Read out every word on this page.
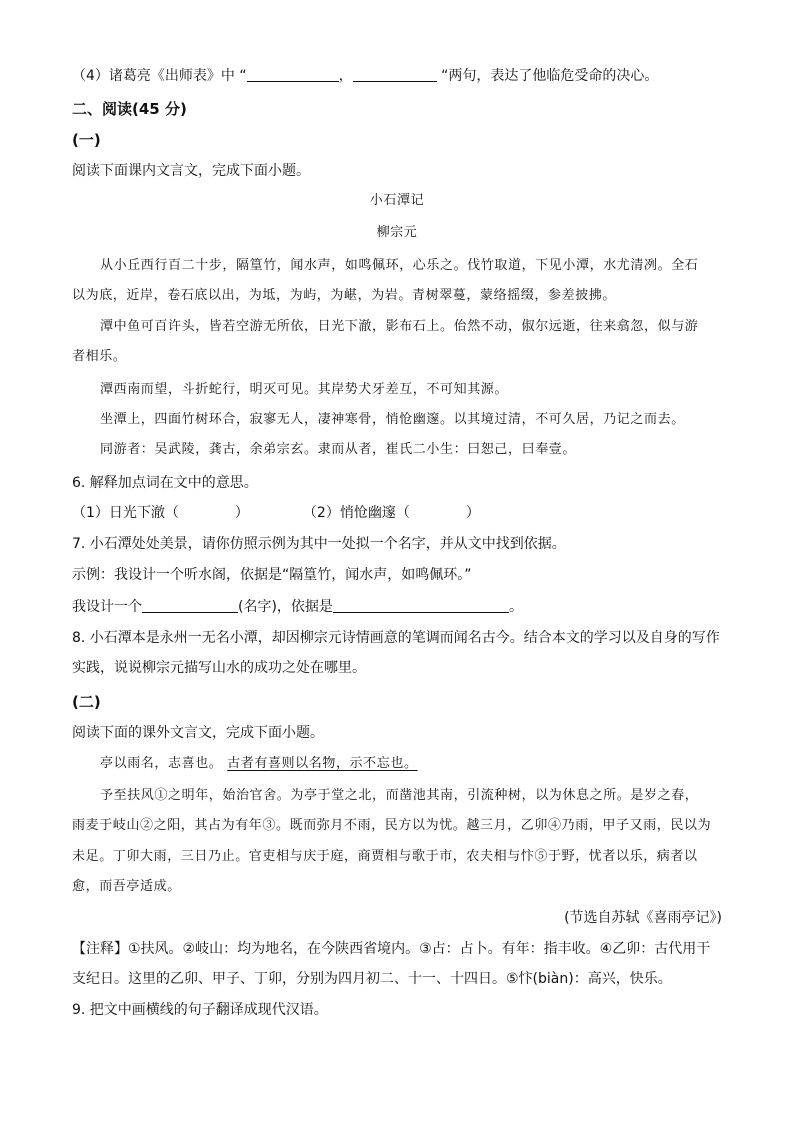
（4）诸葛亮《出师表》中 “	，	“两句，表达了他临危受命的决心。
二、阅读(45 分)
(一)
阅读下面课内文言文，完成下面小题。
小石潭记
柳宗元
从小丘西行百二十步，隔篁竹，闻水声，如鸣佩环，心乐之。伐竹取道，下见小潭，水尤清冽。全石
以为底，近岸，卷石底以出，为坻，为屿，为嵁，为岩。青树翠蔓，蒙络摇缀，参差披拂。
潭中鱼可百许头，皆若空游无所依，日光下澈，影布石上。佁然不动，俶尔远逝，往来翕忽，似与游
者相乐。
潭西南而望，斗折蛇行，明灭可见。其岸势犬牙差互，不可知其源。
坐潭上，四面竹树环合，寂寥无人，凄神寒骨，悄怆幽邃。以其境过清，不可久居，乃记之而去。
同游者：吴武陵，龚古，余弟宗玄。隶而从者，崔氏二小生：曰恕己，曰奉壹。
6. 解释加点词在文中的意思。
（1）日光下澈（	）	（2）悄怆幽邃（	）
7. 小石潭处处美景，请你仿照示例为其中一处拟一个名字，并从文中找到依据。
示例：我设计一个听水阁，依据是“隔篁竹，闻水声，如鸣佩环。”
我设计一个	(名字)，依据是	。
8. 小石潭本是永州一无名小潭，却因柳宗元诗情画意的笔调而闻名古今。结合本文的学习以及自身的写作
实践，说说柳宗元描写山水的成功之处在哪里。
(二)
阅读下面的课外文言文，完成下面小题。
亭以雨名，志喜也。 古者有喜则以名物，示不忘也。
予至扶风①之明年，始治官舍。为亭于堂之北，而凿池其南，引流种树，以为休息之所。是岁之春，
雨麦于岐山②之阳，其占为有年③。既而弥月不雨，民方以为忧。越三月，乙卯④乃雨，甲子又雨，民以为
未足。丁卯大雨，三日乃止。官吏相与庆于庭，商贾相与歌于市，农夫相与忭⑤于野，忧者以乐，病者以
愈，而吾亭适成。
(节选自苏轼《喜雨亭记》)
【注释】①扶风。②岐山：均为地名，在今陕西省境内。③占：占卜。有年：指丰收。④乙卯：古代用干
支纪日。这里的乙卯、甲子、丁卯，分别为四月初二、十一、十四日。⑤忭(biàn)：高兴，快乐。
9. 把文中画横线的句子翻译成现代汉语。
